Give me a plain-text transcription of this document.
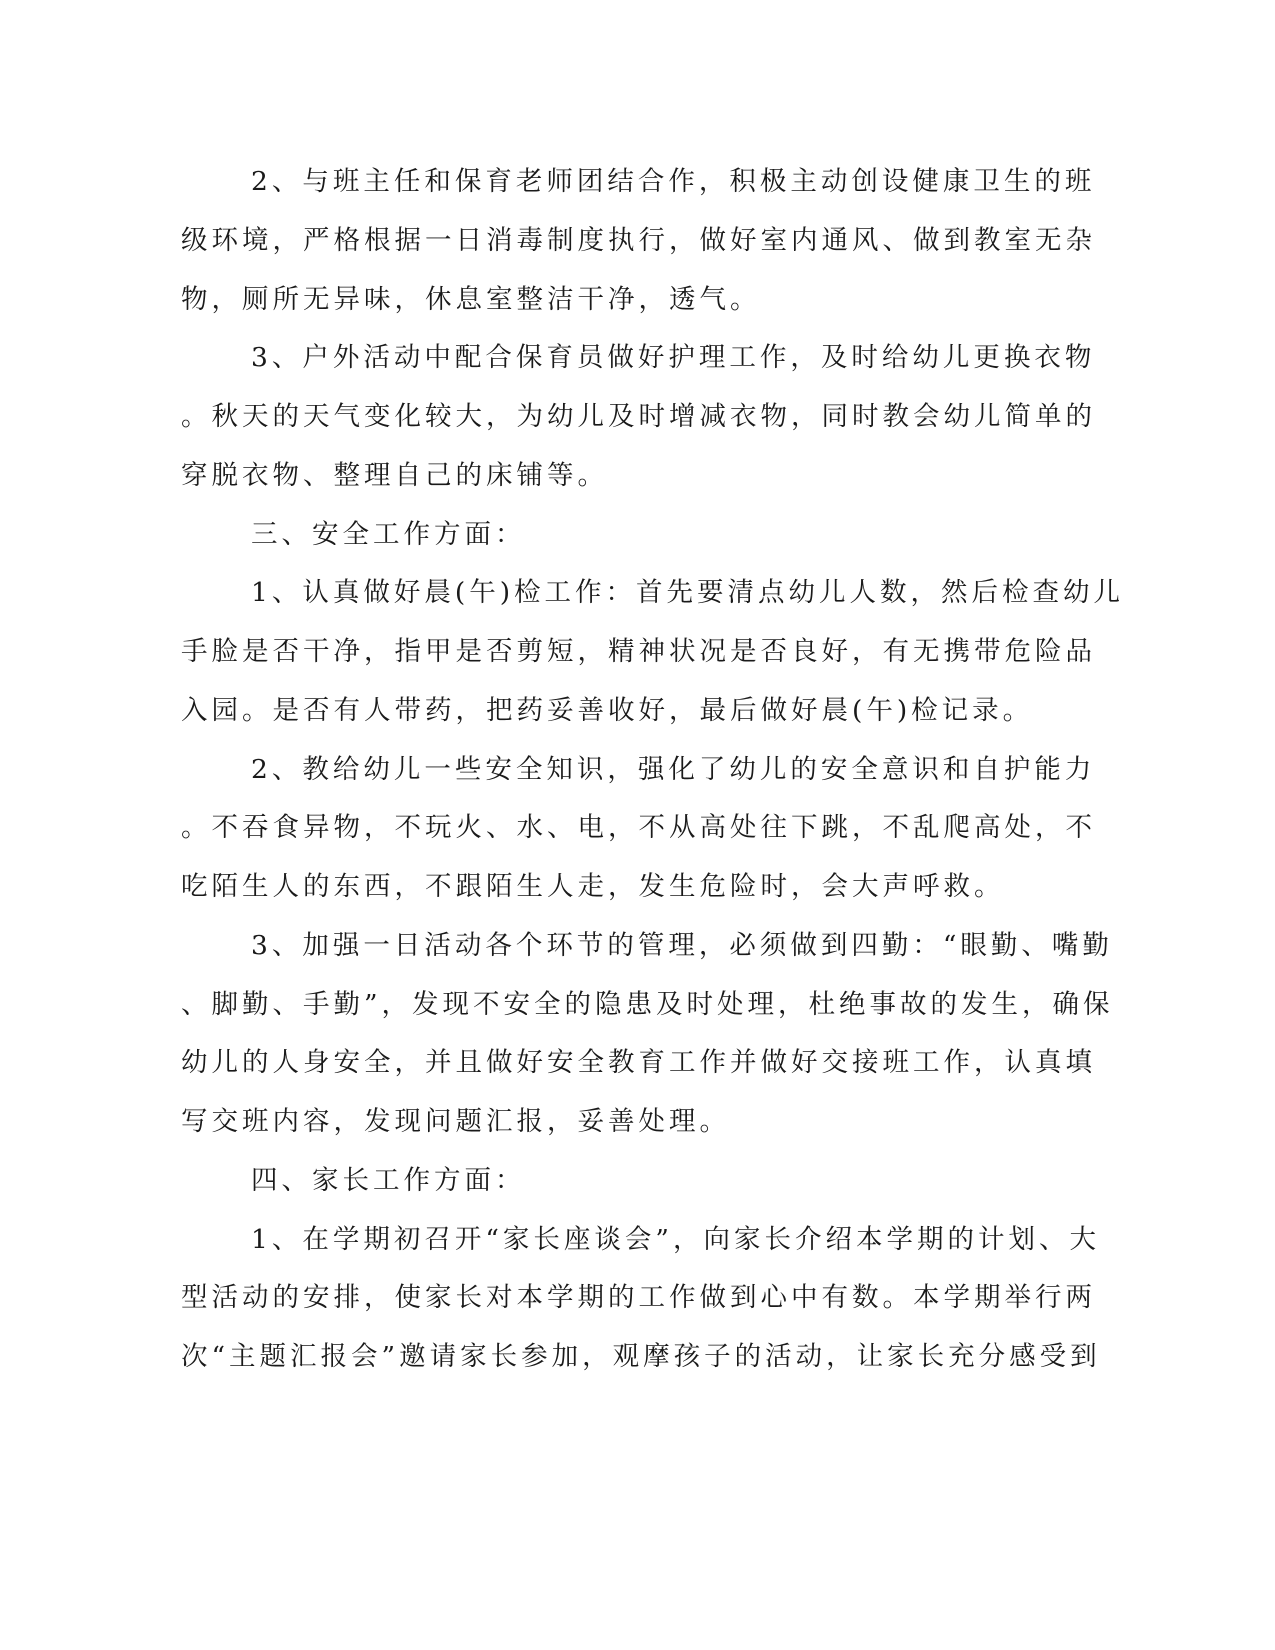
2、与班主任和保育老师团结合作，积极主动创设健康卫生的班
级环境，严格根据一日消毒制度执行，做好室内通风、做到教室无杂
物，厕所无异味，休息室整洁干净，透气。
3、户外活动中配合保育员做好护理工作，及时给幼儿更换衣物
。秋天的天气变化较大，为幼儿及时增减衣物，同时教会幼儿简单的
穿脱衣物、整理自己的床铺等。
三、安全工作方面：
1、认真做好晨(午)检工作：首先要清点幼儿人数，然后检查幼儿
手脸是否干净，指甲是否剪短，精神状况是否良好，有无携带危险品
入园。是否有人带药，把药妥善收好，最后做好晨(午)检记录。
2、教给幼儿一些安全知识，强化了幼儿的安全意识和自护能力
。不吞食异物，不玩火、水、电，不从高处往下跳，不乱爬高处，不
吃陌生人的东西，不跟陌生人走，发生危险时，会大声呼救。
3、加强一日活动各个环节的管理，必须做到四勤：“眼勤、嘴勤
、脚勤、手勤”，发现不安全的隐患及时处理，杜绝事故的发生，确保
幼儿的人身安全，并且做好安全教育工作并做好交接班工作，认真填
写交班内容，发现问题汇报，妥善处理。
四、家长工作方面：
1、在学期初召开“家长座谈会”，向家长介绍本学期的计划、大
型活动的安排，使家长对本学期的工作做到心中有数。本学期举行两
次“主题汇报会”邀请家长参加，观摩孩子的活动，让家长充分感受到
